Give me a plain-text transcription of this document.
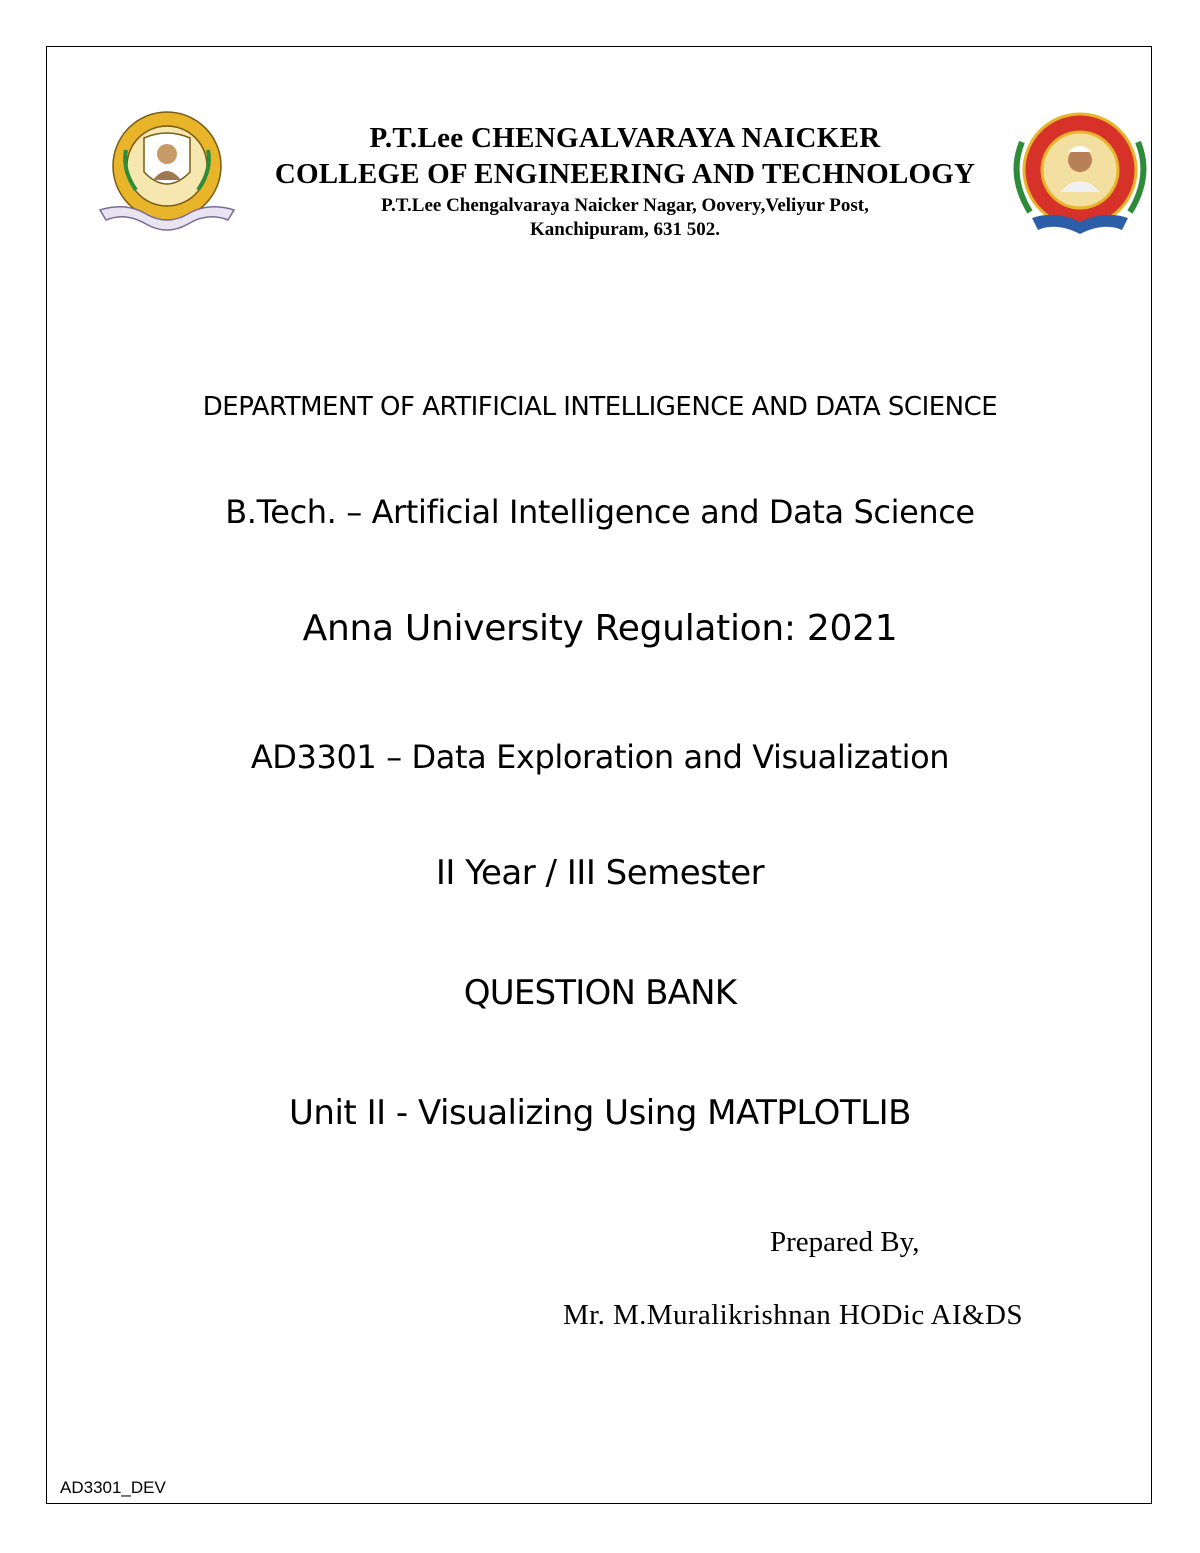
P.T.Lee CHENGALVARAYA NAICKER
COLLEGE OF ENGINEERING AND TECHNOLOGY
P.T.Lee Chengalvaraya Naicker Nagar, Oovery,Veliyur Post,
Kanchipuram, 631 502.
DEPARTMENT OF ARTIFICIAL INTELLIGENCE AND DATA SCIENCE
B.Tech. – Artificial Intelligence and Data Science
Anna University Regulation: 2021
AD3301 – Data Exploration and Visualization
II Year / III Semester
QUESTION BANK
Unit II - Visualizing Using MATPLOTLIB
Prepared By,
Mr. M.Muralikrishnan HODic AI&DS
AD3301_DEV
